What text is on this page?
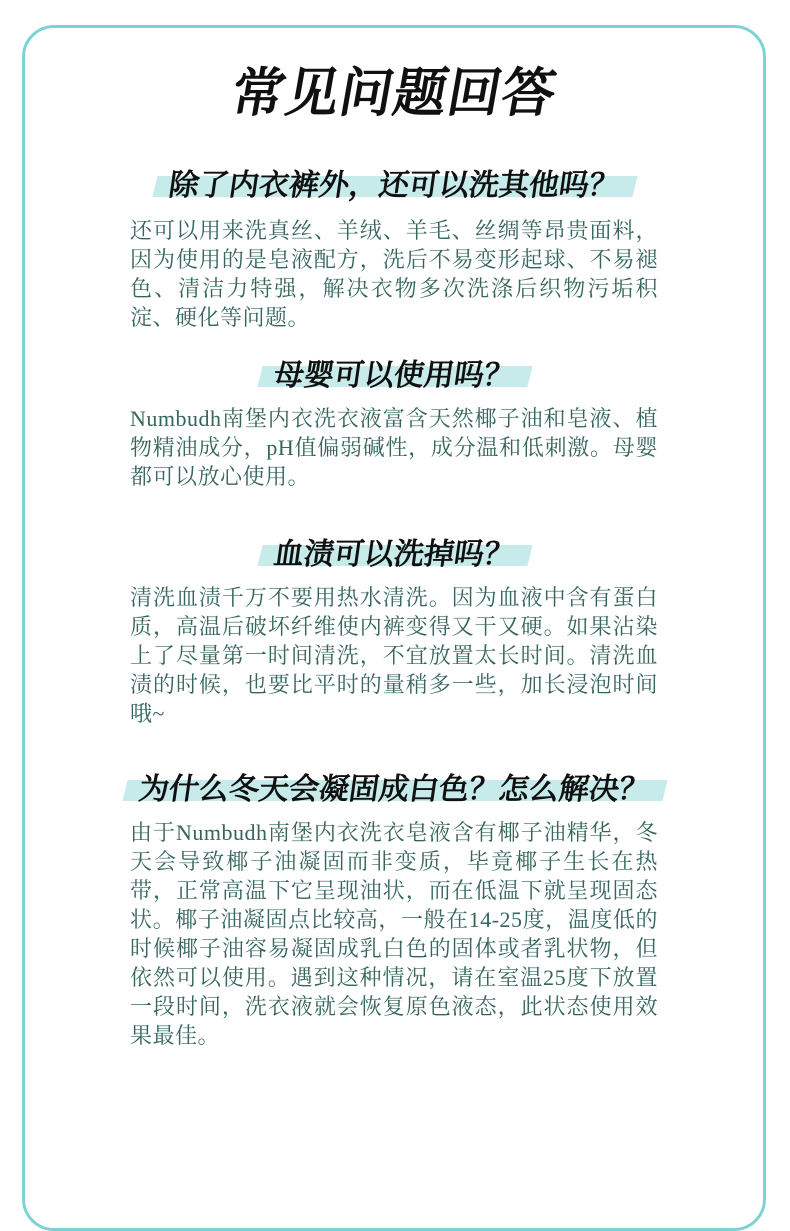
常见问题回答
除了内衣裤外，还可以洗其他吗？

还可以用来洗真丝、羊绒、羊毛、丝绸等昂贵面料，因为使用的是皂液配方，洗后不易变形起球、不易褪色、清洁力特强，解决衣物多次洗涤后织物污垢积淀、硬化等问题。

母婴可以使用吗？

Numbudh南堡内衣洗衣液富含天然椰子油和皂液、植物精油成分，pH值偏弱碱性，成分温和低刺激。母婴都可以放心使用。

血渍可以洗掉吗？

清洗血渍千万不要用热水清洗。因为血液中含有蛋白质，高温后破坏纤维使内裤变得又干又硬。如果沾染上了尽量第一时间清洗，不宜放置太长时间。清洗血渍的时候，也要比平时的量稍多一些，加长浸泡时间哦~

为什么冬天会凝固成白色？怎么解决？

由于Numbudh南堡内衣洗衣皂液含有椰子油精华，冬天会导致椰子油凝固而非变质，毕竟椰子生长在热带，正常高温下它呈现油状，而在低温下就呈现固态状。椰子油凝固点比较高，一般在14-25度，温度低的时候椰子油容易凝固成乳白色的固体或者乳状物，但依然可以使用。遇到这种情况，请在室温25度下放置一段时间，洗衣液就会恢复原色液态，此状态使用效果最佳。
